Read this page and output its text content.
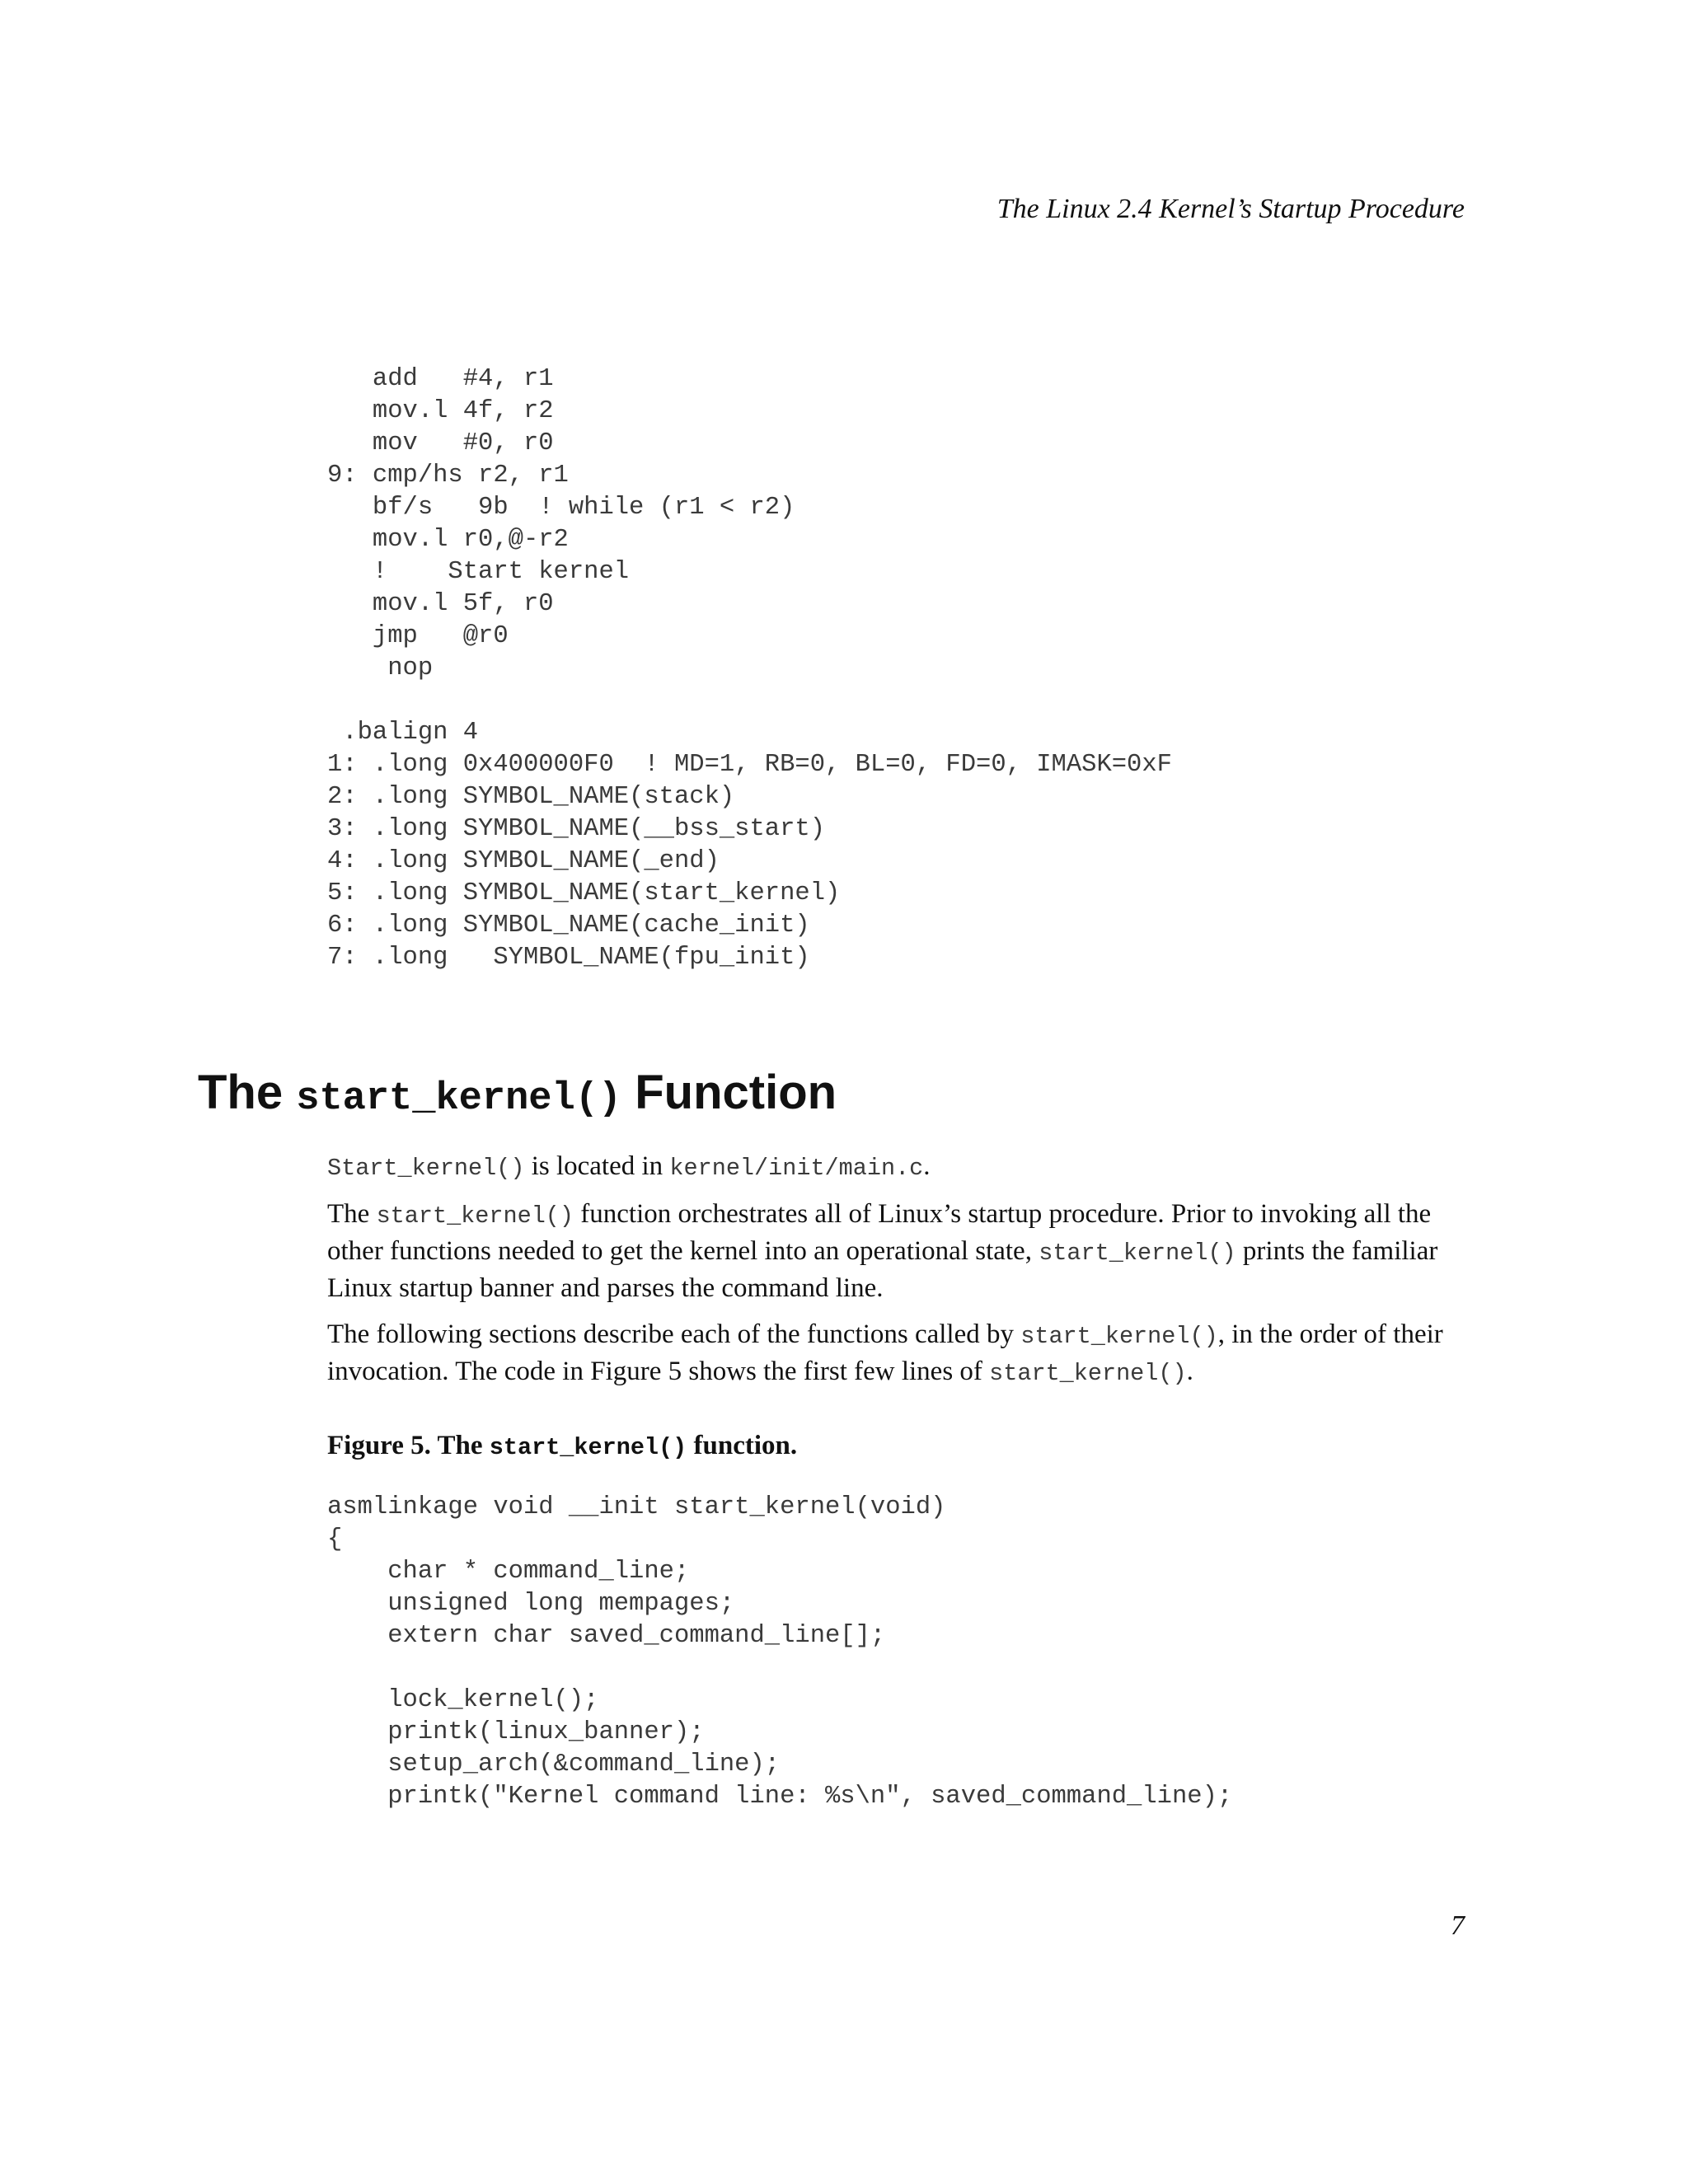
The Linux 2.4 Kernel’s Startup Procedure
add   #4, r1
mov.l 4f, r2
mov   #0, r0
9: cmp/hs r2, r1
bf/s   9b  ! while (r1 < r2)
mov.l r0,@-r2
!    Start kernel
mov.l 5f, r0
jmp   @r0
nop

.balign 4
1: .long 0x400000F0  ! MD=1, RB=0, BL=0, FD=0, IMASK=0xF
2: .long SYMBOL_NAME(stack)
3: .long SYMBOL_NAME(__bss_start)
4: .long SYMBOL_NAME(_end)
5: .long SYMBOL_NAME(start_kernel)
6: .long SYMBOL_NAME(cache_init)
7: .long   SYMBOL_NAME(fpu_init)
The start_kernel() Function

Start_kernel() is located in kernel/init/main.c.

The start_kernel() function orchestrates all of Linux’s startup procedure. Prior to invoking all the other functions needed to get the kernel into an operational state, start_kernel() prints the familiar Linux startup banner and parses the command line.

The following sections describe each of the functions called by start_kernel(), in the order of their invocation. The code in Figure 5 shows the first few lines of start_kernel().

Figure 5. The start_kernel() function.

asmlinkage void __init start_kernel(void)
{
char * command_line;
unsigned long mempages;
extern char saved_command_line[];

lock_kernel();
printk(linux_banner);
setup_arch(&command_line);
printk("Kernel command line: %s\n", saved_command_line);
7
